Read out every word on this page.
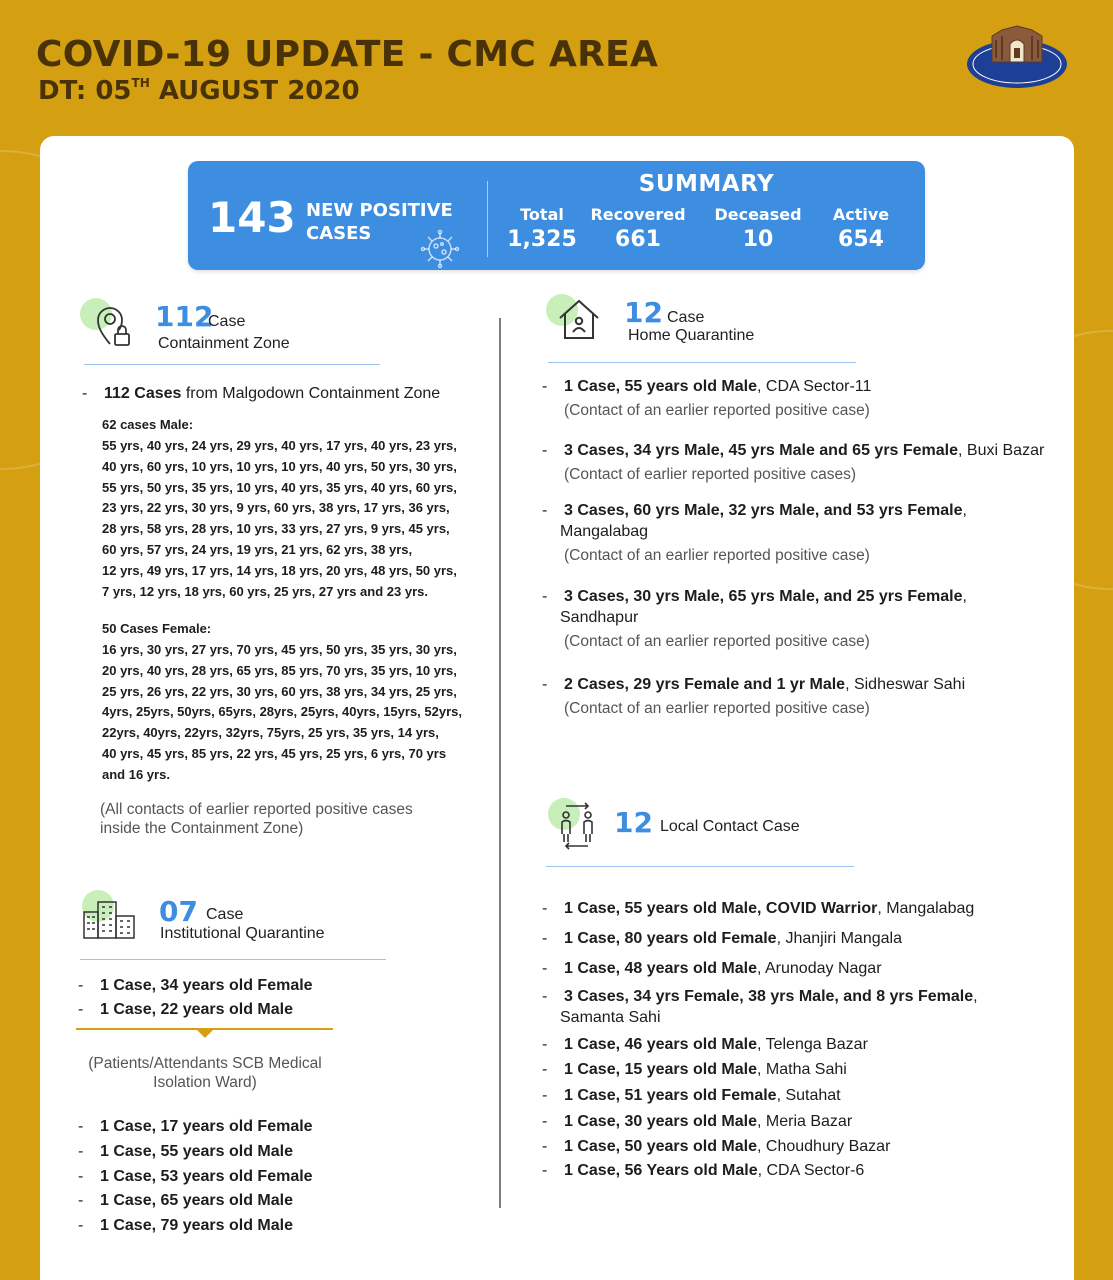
COVID-19 UPDATE - CMC AREA
DT: 05TH AUGUST 2020
143 NEW POSITIVE
CASES
SUMMARY
Total
1,325
Recovered
661
Deceased
10
Active
654
112
Case
Containment Zone
- 112 Cases from Malgodown Containment Zone
62 cases Male:
55 yrs, 40 yrs, 24 yrs, 29 yrs, 40 yrs, 17 yrs, 40 yrs, 23 yrs,
40 yrs, 60 yrs, 10 yrs, 10 yrs, 10 yrs, 40 yrs, 50 yrs, 30 yrs,
55 yrs, 50 yrs, 35 yrs, 10 yrs, 40 yrs, 35 yrs, 40 yrs, 60 yrs,
23 yrs, 22 yrs, 30 yrs, 9 yrs, 60 yrs, 38 yrs, 17 yrs, 36 yrs,
28 yrs, 58 yrs, 28 yrs, 10 yrs, 33 yrs, 27 yrs, 9 yrs, 45 yrs,
60 yrs, 57 yrs, 24 yrs, 19 yrs, 21 yrs, 62 yrs, 38 yrs,
12 yrs, 49 yrs, 17 yrs, 14 yrs, 18 yrs, 20 yrs, 48 yrs, 50 yrs,
7 yrs, 12 yrs, 18 yrs, 60 yrs, 25 yrs, 27 yrs and 23 yrs.
50 Cases Female:
16 yrs, 30 yrs, 27 yrs, 70 yrs, 45 yrs, 50 yrs, 35 yrs, 30 yrs,
20 yrs, 40 yrs, 28 yrs, 65 yrs, 85 yrs, 70 yrs, 35 yrs, 10 yrs,
25 yrs, 26 yrs, 22 yrs, 30 yrs, 60 yrs, 38 yrs, 34 yrs, 25 yrs,
4yrs, 25yrs, 50yrs, 65yrs, 28yrs, 25yrs, 40yrs, 15yrs, 52yrs,
22yrs, 40yrs, 22yrs, 32yrs, 75yrs, 25 yrs, 35 yrs, 14 yrs,
40 yrs, 45 yrs, 85 yrs, 22 yrs, 45 yrs, 25 yrs, 6 yrs, 70 yrs
and 16 yrs.
(All contacts of earlier reported positive cases
inside the Containment Zone)
07 Case
Institutional Quarantine
- 1 Case, 34 years old Female
- 1 Case, 22 years old Male
(Patients/Attendants SCB Medical
Isolation Ward)
- 1 Case, 17 years old Female
- 1 Case, 55 years old Male
- 1 Case, 53 years old Female
- 1 Case, 65 years old Male
- 1 Case, 79 years old Male
12 Case
Home Quarantine
- 1 Case, 55 years old Male, CDA Sector-11
(Contact of an earlier reported positive case)
- 3 Cases, 34 yrs Male, 45 yrs Male and 65 yrs Female, Buxi Bazar
(Contact of earlier reported positive cases)
- 3 Cases, 60 yrs Male, 32 yrs Male, and 53 yrs Female,
Mangalabag
(Contact of an earlier reported positive case)
- 3 Cases, 30 yrs Male, 65 yrs Male, and 25 yrs Female,
Sandhapur
(Contact of an earlier reported positive case)
- 2 Cases, 29 yrs Female and 1 yr Male, Sidheswar Sahi
(Contact of an earlier reported positive case)
12 Local Contact Case
- 1 Case, 55 years old Male, COVID Warrior, Mangalabag
- 1 Case, 80 years old Female, Jhanjiri Mangala
- 1 Case, 48 years old Male, Arunoday Nagar
- 3 Cases, 34 yrs Female, 38 yrs Male, and 8 yrs Female,
Samanta Sahi
- 1 Case, 46 years old Male, Telenga Bazar
- 1 Case, 15 years old Male, Matha Sahi
- 1 Case, 51 years old Female, Sutahat
- 1 Case, 30 years old Male, Meria Bazar
- 1 Case, 50 years old Male, Choudhury Bazar
- 1 Case, 56 Years old Male, CDA Sector-6
